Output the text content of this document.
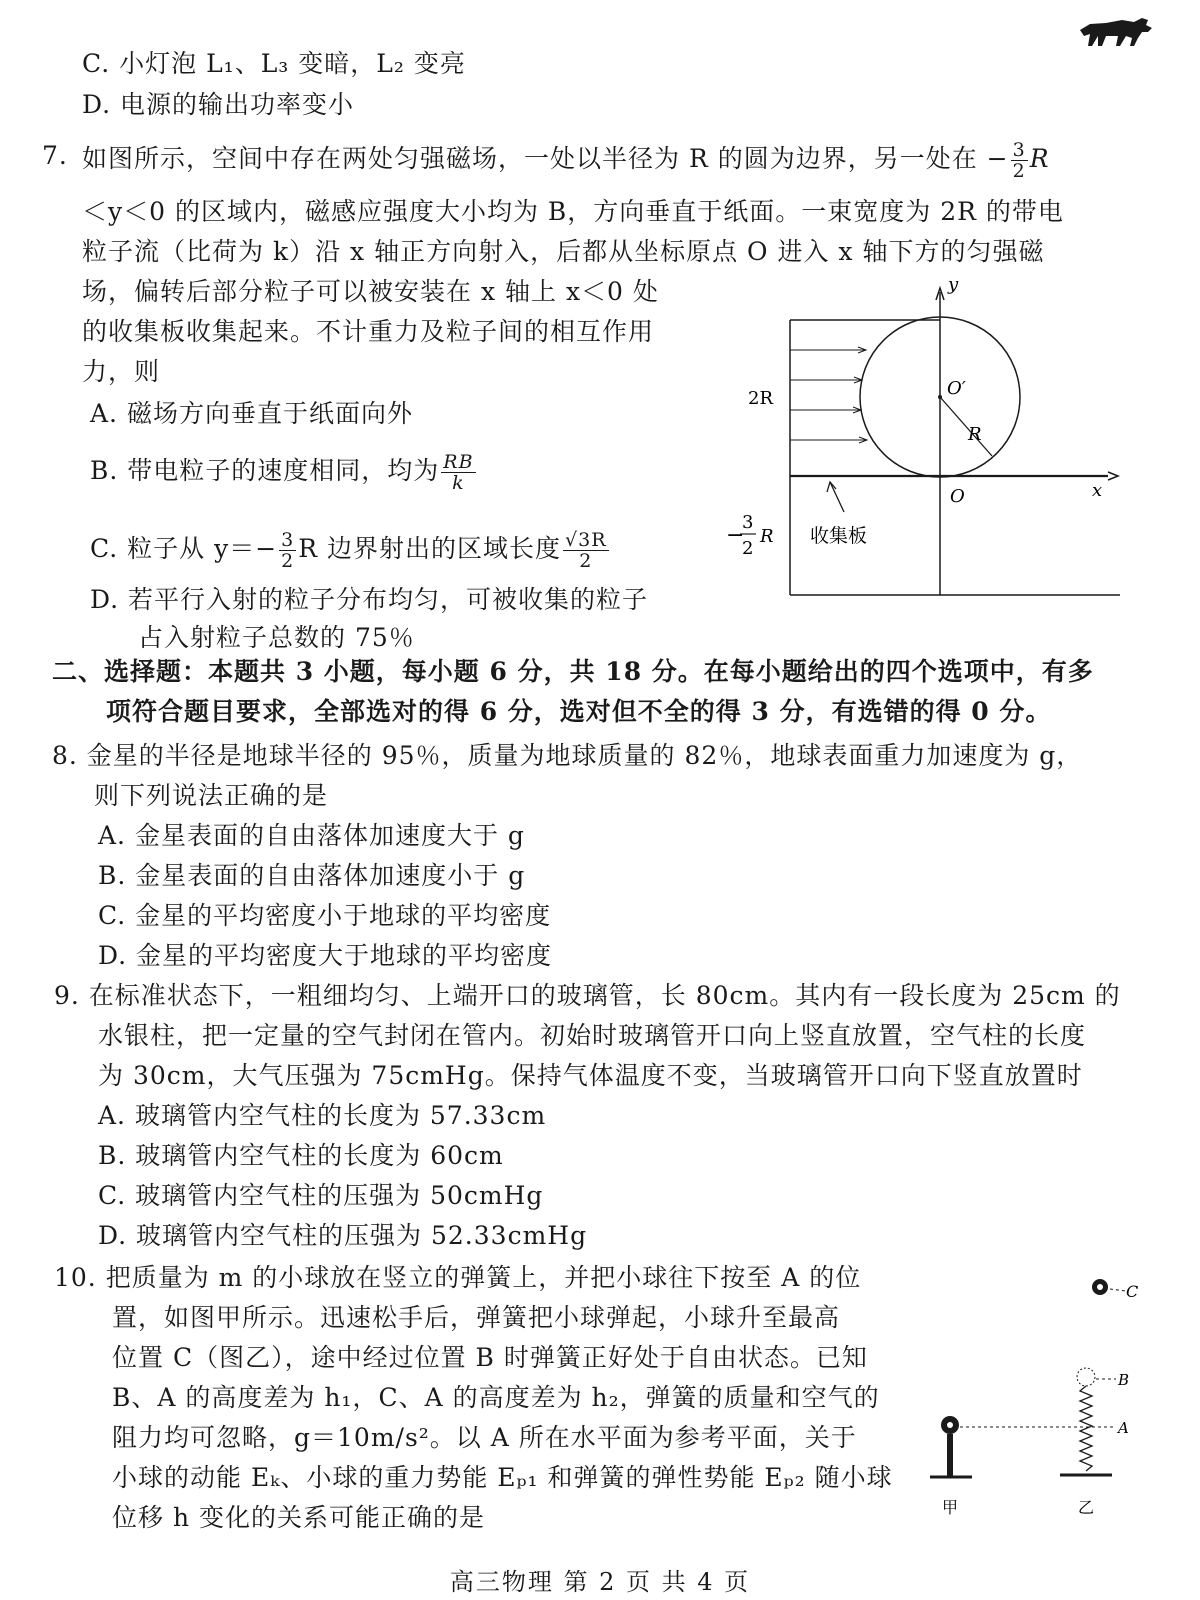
C. 小灯泡 L₁、L₃ 变暗，L₂ 变亮
D. 电源的输出功率变小
7. 如图所示，空间中存在两处匀强磁场，一处以半径为 R 的圆为边界，另一处在 − $\frac{3}{2}$ R
＜y＜0 的区域内，磁感应强度大小均为 B，方向垂直于纸面。一束宽度为 2R 的带电
粒子流（比荷为 k）沿 x 轴正方向射入，后都从坐标原点 O 进入 x 轴下方的匀强磁
场，偏转后部分粒子可以被安装在 x 轴上 x＜0 处
的收集板收集起来。不计重力及粒子间的相互作用
力，则
A. 磁场方向垂直于纸面向外
B. 带电粒子的速度相同，均为 $\frac{RB}{k}$
C. 粒子从 $y=- \frac{3}{2}$ R 边界射出的区域长度 $\frac{√3R}{2}$
D. 若平行入射的粒子分布均匀，可被收集的粒子
占入射粒子总数的 75％
y
x
O
O′
R
2R
−
3
2
R 收集板
二、选择题：本题共 3 小题，每小题 6 分，共 18 分。在每小题给出的四个选项中，有多
项符合题目要求，全部选对的得 6 分，选对但不全的得 3 分，有选错的得 0 分。
8. 金星的半径是地球半径的 95％，质量为地球质量的 82％，地球表面重力加速度为 g，
则下列说法正确的是
A. 金星表面的自由落体加速度大于 g
B. 金星表面的自由落体加速度小于 g
C. 金星的平均密度小于地球的平均密度
D. 金星的平均密度大于地球的平均密度
9. 在标准状态下，一粗细均匀、上端开口的玻璃管，长 80cm。其内有一段长度为 25cm 的
水银柱，把一定量的空气封闭在管内。初始时玻璃管开口向上竖直放置，空气柱的长度
为 30cm，大气压强为 75cmHg。保持气体温度不变，当玻璃管开口向下竖直放置时
A. 玻璃管内空气柱的长度为 57.33cm
B. 玻璃管内空气柱的长度为 60cm
C. 玻璃管内空气柱的压强为 50cmHg
D. 玻璃管内空气柱的压强为 52.33cmHg
10. 把质量为 m 的小球放在竖立的弹簧上，并把小球往下按至 A 的位
置，如图甲所示。迅速松手后，弹簧把小球弹起，小球升至最高
位置 C（图乙），途中经过位置 B 时弹簧正好处于自由状态。已知
B、A 的高度差为 h₁，C、A 的高度差为 h₂，弹簧的质量和空气的
阻力均可忽略，g＝10m/s²。以 A 所在水平面为参考平面，关于
小球的动能 Eₖ、小球的重力势能 Eₚ₁ 和弹簧的弹性势能 Eₚ₂ 随小球
位移 h 变化的关系可能正确的是
C
B
A
甲	乙
高三物理 第 2 页 共 4 页
